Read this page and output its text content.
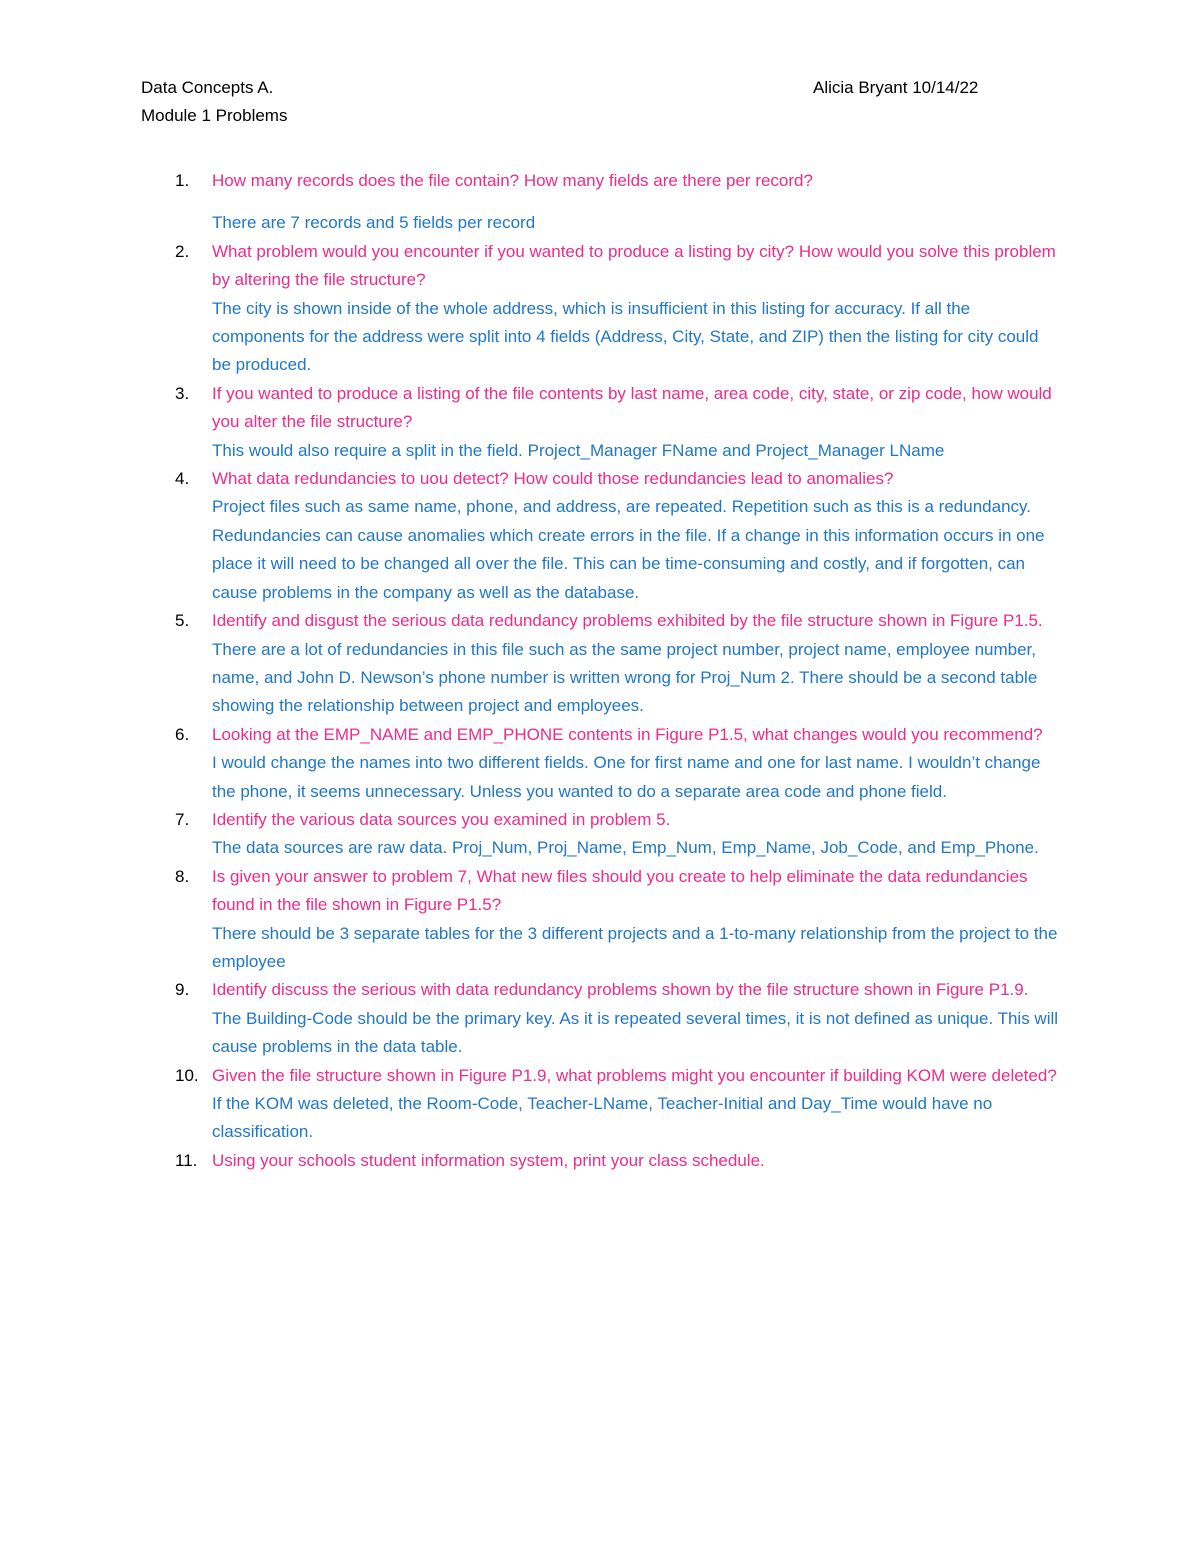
Data Concepts A.	Alicia Bryant 10/14/22
Module 1 Problems
1. How many records does the file contain? How many fields are there per record?
There are 7 records and 5 fields per record
2. What problem would you encounter if you wanted to produce a listing by city? How would you solve this problem by altering the file structure?
The city is shown inside of the whole address, which is insufficient in this listing for accuracy. If all the components for the address were split into 4 fields (Address, City, State, and ZIP) then the listing for city could be produced.
3. If you wanted to produce a listing of the file contents by last name, area code, city, state, or zip code, how would you alter the file structure?
This would also require a split in the field. Project_Manager FName and Project_Manager LName
4. What data redundancies to uou detect? How could those redundancies lead to anomalies?
Project files such as same name, phone, and address, are repeated. Repetition such as this is a redundancy. Redundancies can cause anomalies which create errors in the file. If a change in this information occurs in one place it will need to be changed all over the file. This can be time-consuming and costly, and if forgotten, can cause problems in the company as well as the database.
5. Identify and disgust the serious data redundancy problems exhibited by the file structure shown in Figure P1.5.
There are a lot of redundancies in this file such as the same project number, project name, employee number, name, and John D. Newson’s phone number is written wrong for Proj_Num 2. There should be a second table showing the relationship between project and employees.
6. Looking at the EMP_NAME and EMP_PHONE contents in Figure P1.5, what changes would you recommend?
I would change the names into two different fields. One for first name and one for last name. I wouldn’t change the phone, it seems unnecessary. Unless you wanted to do a separate area code and phone field.
7. Identify the various data sources you examined in problem 5.
The data sources are raw data. Proj_Num, Proj_Name, Emp_Num, Emp_Name, Job_Code, and Emp_Phone.
8. Is given your answer to problem 7, What new files should you create to help eliminate the data redundancies found in the file shown in Figure P1.5?
There should be 3 separate tables for the 3 different projects and a 1-to-many relationship from the project to the employee
9. Identify discuss the serious with data redundancy problems shown by the file structure shown in Figure P1.9.
The Building-Code should be the primary key. As it is repeated several times, it is not defined as unique. This will cause problems in the data table.
10. Given the file structure shown in Figure P1.9, what problems might you encounter if building KOM were deleted?
If the KOM was deleted, the Room-Code, Teacher-LName, Teacher-Initial and Day_Time would have no classification.
11. Using your schools student information system, print your class schedule.
